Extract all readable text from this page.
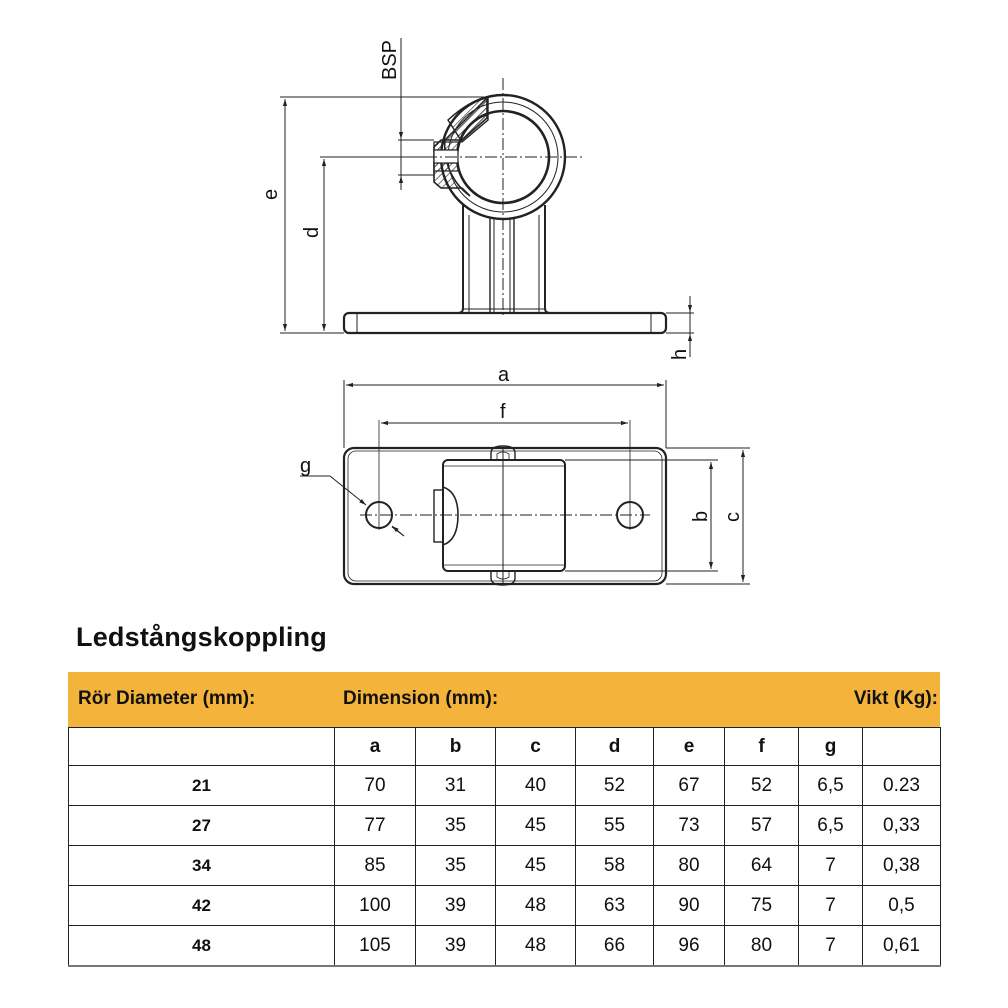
BSP
e
d
h
a
f
g
b c
Ledstångskoppling
Rör Diameter (mm):	Dimension (mm):	Vikt (Kg):
	a	b	c	d	e	f	g	
21	70	31	40	52	67	52	6,5	0.23
27	77	35	45	55	73	57	6,5	0,33
34	85	35	45	58	80	64	7	0,38
42	100	39	48	63	90	75	7	0,5
48	105	39	48	66	96	80	7	0,61
